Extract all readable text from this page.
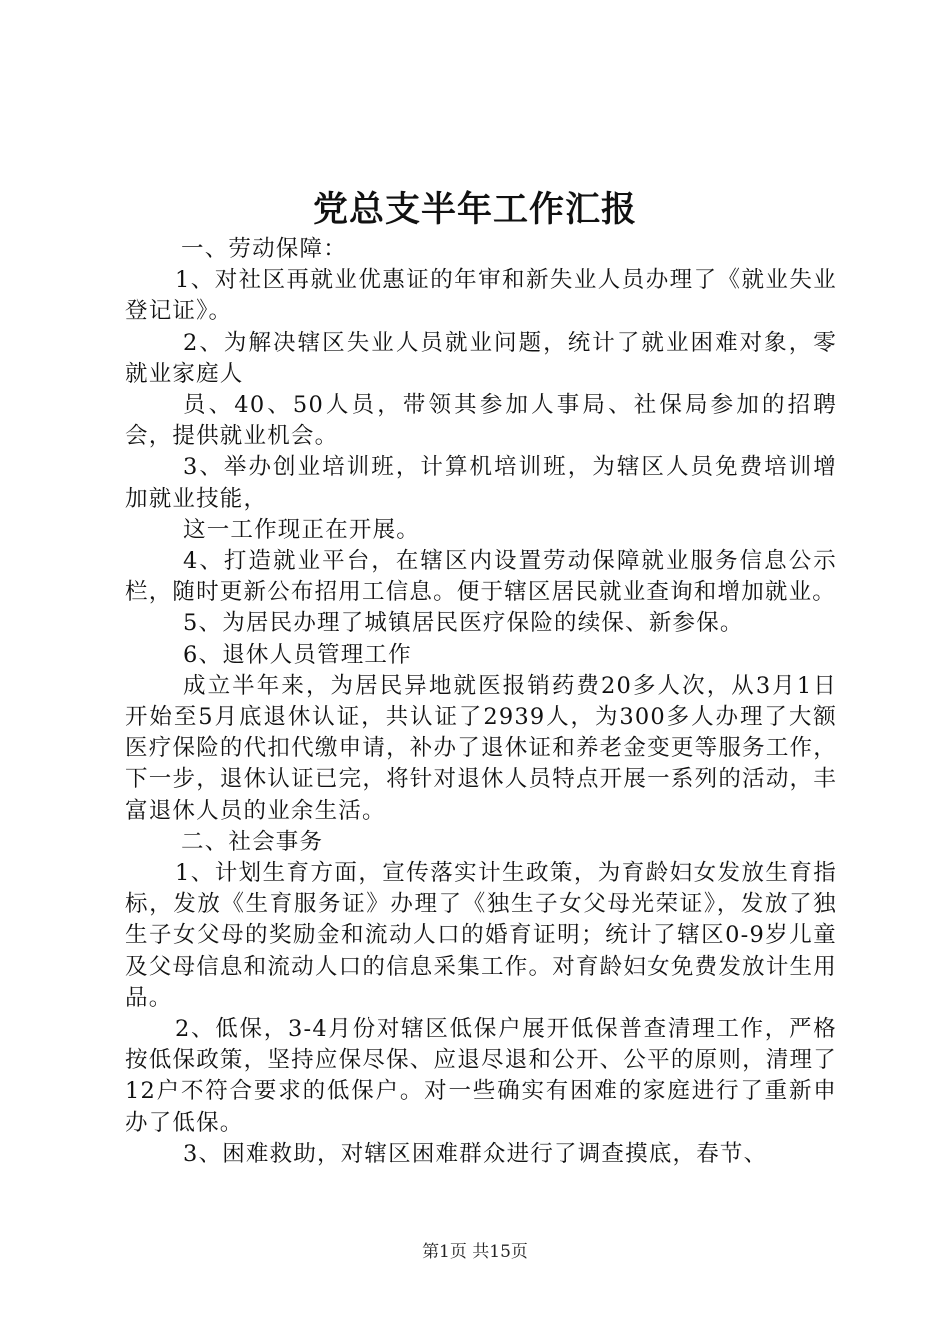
党总支半年工作汇报

一、劳动保障：

1、对社区再就业优惠证的年审和新失业人员办理了《就业失业登记证》。

2、为解决辖区失业人员就业问题，统计了就业困难对象，零就业家庭人

员、40、50人员，带领其参加人事局、社保局参加的招聘会，提供就业机会。

3、举办创业培训班，计算机培训班，为辖区人员免费培训增加就业技能，

这一工作现正在开展。

4、打造就业平台，在辖区内设置劳动保障就业服务信息公示栏，随时更新公布招用工信息。便于辖区居民就业查询和增加就业。

5、为居民办理了城镇居民医疗保险的续保、新参保。

6、退休人员管理工作

成立半年来，为居民异地就医报销药费20多人次，从3月1日开始至5月底退休认证，共认证了2939人，为300多人办理了大额医疗保险的代扣代缴申请，补办了退休证和养老金变更等服务工作，下一步，退休认证已完，将针对退休人员特点开展一系列的活动，丰富退休人员的业余生活。

二、社会事务

1、计划生育方面，宣传落实计生政策，为育龄妇女发放生育指标，发放《生育服务证》办理了《独生子女父母光荣证》，发放了独生子女父母的奖励金和流动人口的婚育证明；统计了辖区0-9岁儿童及父母信息和流动人口的信息采集工作。对育龄妇女免费发放计生用品。

2、低保，3-4月份对辖区低保户展开低保普查清理工作，严格按低保政策，坚持应保尽保、应退尽退和公开、公平的原则，清理了12户不符合要求的低保户。对一些确实有困难的家庭进行了重新申办了低保。

3、困难救助，对辖区困难群众进行了调查摸底，春节、

第1页 共15页
